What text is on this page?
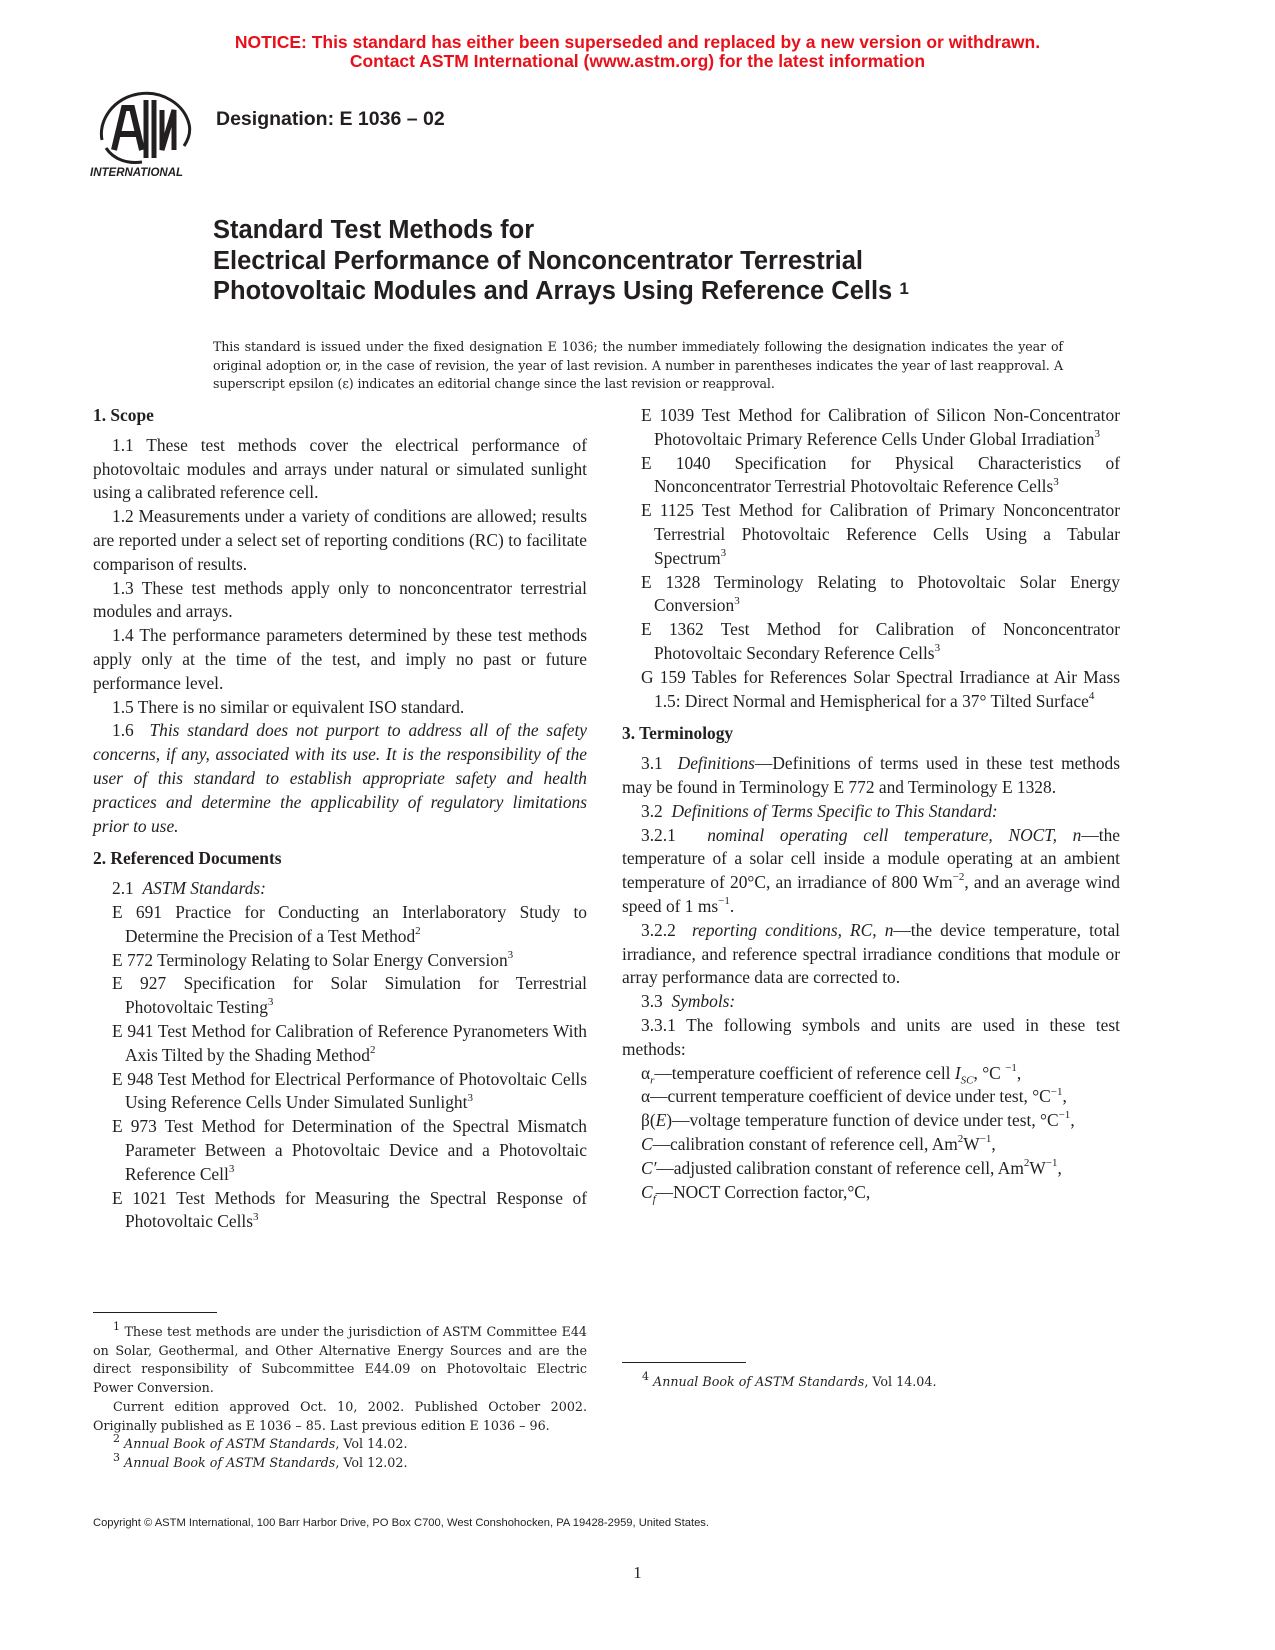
NOTICE: This standard has either been superseded and replaced by a new version or withdrawn.
Contact ASTM International (www.astm.org) for the latest information
INTERNATIONAL
Designation: E 1036 – 02
Standard Test Methods for
Electrical Performance of Nonconcentrator Terrestrial
Photovoltaic Modules and Arrays Using Reference Cells $^1$
This standard is issued under the fixed designation E 1036; the number immediately following the designation indicates the year of original adoption or, in the case of revision, the year of last revision. A number in parentheses indicates the year of last reapproval. A superscript epsilon (ε) indicates an editorial change since the last revision or reapproval.

1. Scope

1.1 These test methods cover the electrical performance of photovoltaic modules and arrays under natural or simulated sunlight using a calibrated reference cell.

1.2 Measurements under a variety of conditions are allowed; results are reported under a select set of reporting conditions (RC) to facilitate comparison of results.

1.3 These test methods apply only to nonconcentrator terrestrial modules and arrays.

1.4 The performance parameters determined by these test methods apply only at the time of the test, and imply no past or future performance level.

1.5 There is no similar or equivalent ISO standard.

1.6 This standard does not purport to address all of the safety concerns, if any, associated with its use. It is the responsibility of the user of this standard to establish appropriate safety and health practices and determine the applicability of regulatory limitations prior to use.

2. Referenced Documents

2.1 ASTM Standards:

E 691 Practice for Conducting an Interlaboratory Study to Determine the Precision of a Test Method$^2$

E 772 Terminology Relating to Solar Energy Conversion$^3$

E 927 Specification for Solar Simulation for Terrestrial Photovoltaic Testing$^3$

E 941 Test Method for Calibration of Reference Pyranometers With Axis Tilted by the Shading Method$^2$

E 948 Test Method for Electrical Performance of Photovoltaic Cells Using Reference Cells Under Simulated Sunlight$^3$

E 973 Test Method for Determination of the Spectral Mismatch Parameter Between a Photovoltaic Device and a Photovoltaic Reference Cell$^3$

E 1021 Test Methods for Measuring the Spectral Response of Photovoltaic Cells$^3$

$^1$ These test methods are under the jurisdiction of ASTM Committee E44 on Solar, Geothermal, and Other Alternative Energy Sources and are the direct responsibility of Subcommittee E44.09 on Photovoltaic Electric Power Conversion.

Current edition approved Oct. 10, 2002. Published October 2002. Originally published as E 1036 – 85. Last previous edition E 1036 – 96.

$^2$ Annual Book of ASTM Standards, Vol 14.02.

$^3$ Annual Book of ASTM Standards, Vol 12.02.

E 1039 Test Method for Calibration of Silicon Non-Concentrator Photovoltaic Primary Reference Cells Under Global Irradiation$^3$

E 1040 Specification for Physical Characteristics of Nonconcentrator Terrestrial Photovoltaic Reference Cells$^3$

E 1125 Test Method for Calibration of Primary Nonconcentrator Terrestrial Photovoltaic Reference Cells Using a Tabular Spectrum$^3$

E 1328 Terminology Relating to Photovoltaic Solar Energy Conversion$^3$

E 1362 Test Method for Calibration of Nonconcentrator Photovoltaic Secondary Reference Cells$^3$

G 159 Tables for References Solar Spectral Irradiance at Air Mass 1.5: Direct Normal and Hemispherical for a 37° Tilted Surface$^4$

3. Terminology

3.1 Definitions—Definitions of terms used in these test methods may be found in Terminology E 772 and Terminology E 1328.

3.2 Definitions of Terms Specific to This Standard:

3.2.1 nominal operating cell temperature, NOCT, n—the temperature of a solar cell inside a module operating at an ambient temperature of 20°C, an irradiance of 800 $Wm^{-2}$, and an average wind speed of 1 $ms^{-1}$.

3.2.2 reporting conditions, RC, n—the device temperature, total irradiance, and reference spectral irradiance conditions that module or array performance data are corrected to.

3.3 Symbols:

3.3.1 The following symbols and units are used in these test methods:

$\alpha_r—temperature$ coefficient of reference cell $I_{SC}$, °C $^{-1}$,

α—current temperature coefficient of device under test, $^\circ C^{-1}$,

β(E)—voltage temperature function of device under test, $^\circ C^{-1}$,

C—calibration constant of reference cell, $Am^2W^{-1}$,

C′—adjusted calibration constant of reference cell, $Am^2W^{-1}$,

$C_f—NOCT$ Correction factor,°C,

$^4$ Annual Book of ASTM Standards, Vol 14.04.

Copyright © ASTM International, 100 Barr Harbor Drive, PO Box C700, West Conshohocken, PA 19428-2959, United States.
1
